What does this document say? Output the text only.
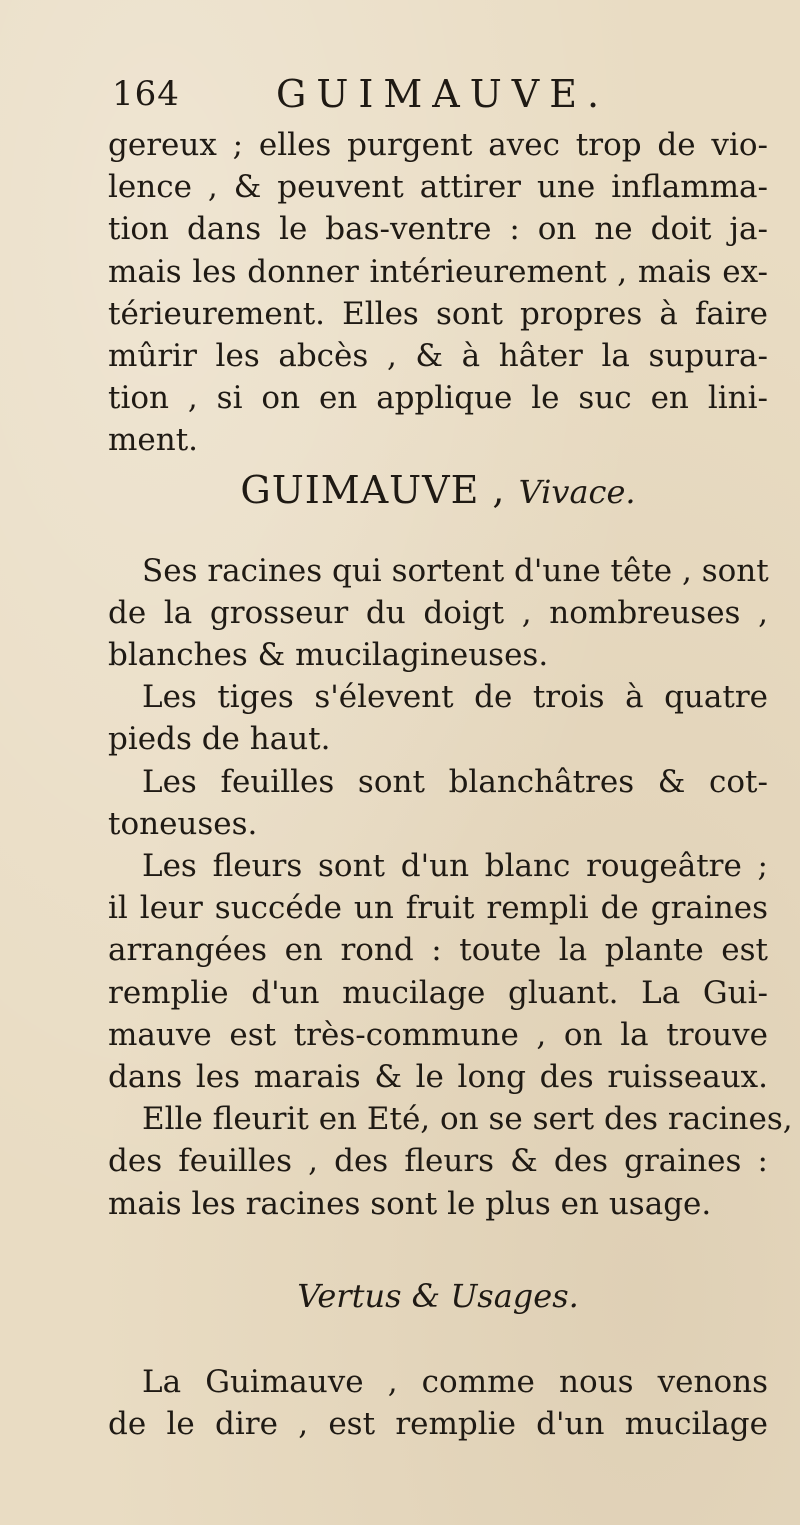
164	GUIMAUVE.
gereux ; elles purgent avec trop de vio-
lence , & peuvent attirer une inflamma-
tion dans le bas-ventre : on ne doit ja-
mais les donner intérieurement , mais ex-
térieurement. Elles sont propres à faire
mûrir les abcès , & à hâter la supura-
tion , si on en applique le suc en lini-
ment.
GUIMAUVE , Vivace.
Ses racines qui sortent d'une tête , sont
de la grosseur du doigt , nombreuses ,
blanches & mucilagineuses.
Les tiges s'élevent de trois à quatre
pieds de haut.
Les feuilles sont blanchâtres & cot-
toneuses.
Les fleurs sont d'un blanc rougeâtre ;
il leur succéde un fruit rempli de graines
arrangées en rond : toute la plante est
remplie d'un mucilage gluant. La Gui-
mauve est très-commune , on la trouve
dans les marais & le long des ruisseaux.
Elle fleurit en Eté, on se sert des racines,
des feuilles , des fleurs & des graines :
mais les racines sont le plus en usage.
Vertus & Usages.
La Guimauve , comme nous venons
de le dire , est remplie d'un mucilage
